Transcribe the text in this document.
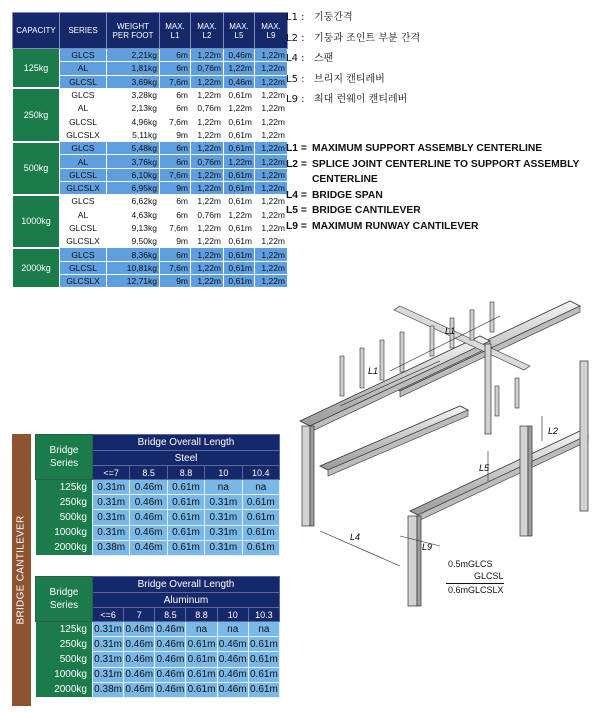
CAPACITY	SERIES	WEIGHT PER FOOT	MAX. L1	MAX. L2	MAX. L5	MAX. L9
125kg	GLCS	2,21kg	6m	1,22m	0,46m	1,22m
	AL	1,81kg	6m	0,76m	1,22m	1,22m
	GLCSL	3,69kg	7,6m	1,22m	0,46m	1,22m
250kg	GLCS	3,28kg	6m	1,22m	0,61m	1,22m
	AL	2,13kg	6m	0,76m	1,22m	1,22m
	GLCSL	4,96kg	7,6m	1,22m	0,61m	1,22m
	GLCSLX	5,11kg	9m	1,22m	0,61m	1,22m
500kg	GLCS	5,48kg	6m	1,22m	0,61m	1,22m
	AL	3,76kg	6m	0,76m	1,22m	1,22m
	GLCSL	6,10kg	7,6m	1,22m	0,61m	1,22m
	GLCSLX	6,95kg	9m	1,22m	0,61m	1,22m
1000kg	GLCS	6,62kg	6m	1,22m	0,61m	1,22m
	AL	4,63kg	6m	0,76m	1,22m	1,22m
	GLCSL	9,13kg	7,6m	1,22m	0,61m	1,22m
	GLCSLX	9,50kg	9m	1,22m	0,61m	1,22m
2000kg	GLCS	8,36kg	6m	1,22m	0,61m	1,22m
	GLCSL	10,81kg	7,6m	1,22m	0,61m	1,22m
	GLCSLX	12,71kg	9m	1,22m	0,61m	1,22m
L1 : 기둥간격
L2 : 기둥과 조인트 부분 간격
L4 : 스팬
L5 : 브리지 캔티레버
L9 : 최대 런웨이 캔티레버
L1 = MAXIMUM SUPPORT ASSEMBLY CENTERLINE
L2 = SPLICE JOINT CENTERLINE TO SUPPORT ASSEMBLY CENTERLINE
L4 = BRIDGE SPAN
L5 = BRIDGE CANTILEVER
L9 = MAXIMUM RUNWAY CANTILEVER
BRIDGE CANTILEVER
Bridge Series	Bridge Overall Length				
	Steel				
	<=7	8.5	8.8	10	10.4
125kg	0.31m	0.46m	0.61m	na	na
250kg	0.31m	0.46m	0.61m	0.31m	0.61m
500kg	0.31m	0.46m	0.61m	0.31m	0.61m
1000kg	0.31m	0.46m	0.61m	0.31m	0.61m
2000kg	0.38m	0.46m	0.61m	0.31m	0.61m
Bridge Series	Bridge Overall Length					
	Aluminum					
	<=6	7	8.5	8.8	10	10.3
125kg	0.31m	0.46m	0.46m	na	na	na
250kg	0.31m	0.46m	0.46m	0.61m	0.46m	0.61m
500kg	0.31m	0.46m	0.46m	0.61m	0.46m	0.61m
1000kg	0.31m	0.46m	0.46m	0.61m	0.46m	0.61m
2000kg	0.38m	0.46m	0.46m	0.61m	0.46m	0.61m
L1
L1
L2
L4
L5
L9
0.5mGLCS
GLCSL
0.6mGLCSLX
